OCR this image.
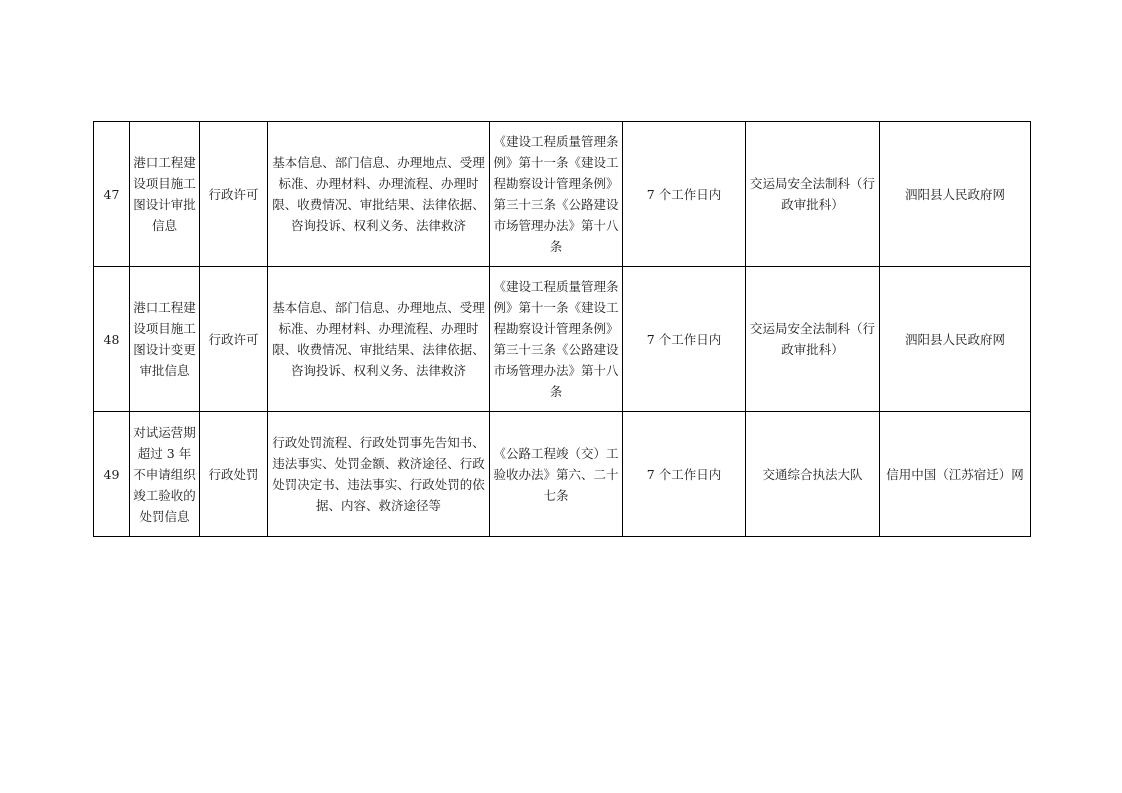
47	港口工程建设项目施工图设计审批信息	行政许可	基本信息、部门信息、办理地点、受理标准、办理材料、办理流程、办理时限、收费情况、审批结果、法律依据、咨询投诉、权利义务、法律救济	《建设工程质量管理条例》第十一条《建设工程勘察设计管理条例》第三十三条《公路建设市场管理办法》第十八条	7 个工作日内	交运局安全法制科（行政审批科）	泗阳县人民政府网
48	港口工程建设项目施工图设计变更审批信息	行政许可	基本信息、部门信息、办理地点、受理标准、办理材料、办理流程、办理时限、收费情况、审批结果、法律依据、咨询投诉、权利义务、法律救济	《建设工程质量管理条例》第十一条《建设工程勘察设计管理条例》第三十三条《公路建设市场管理办法》第十八条	7 个工作日内	交运局安全法制科（行政审批科）	泗阳县人民政府网
49	对试运营期超过 3 年不申请组织竣工验收的处罚信息	行政处罚	行政处罚流程、行政处罚事先告知书、违法事实、处罚金额、救济途径、行政处罚决定书、违法事实、行政处罚的依据、内容、救济途径等	《公路工程竣（交）工验收办法》第六、二十七条	7 个工作日内	交通综合执法大队	信用中国（江苏宿迁）网
